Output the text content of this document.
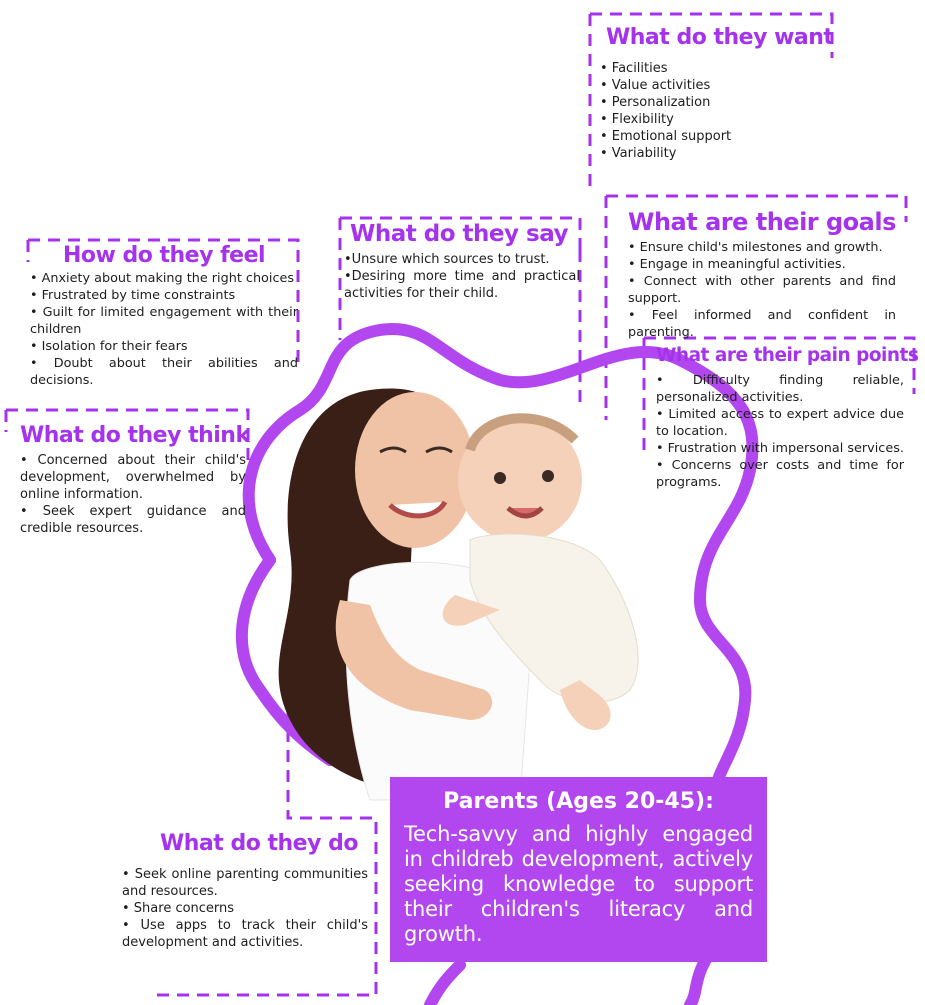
What do they want
• Facilities
• Value activities
• Personalization
• Flexibility
• Emotional support
• Variability
What are their goals
• Ensure child's milestones and growth.
• Engage in meaningful activities.
• Connect with other parents and find support.
• Feel informed and confident in parenting.
What are their pain points
• Difficulty finding reliable, personalized activities.
• Limited access to expert advice due to location.
• Frustration with impersonal services.
• Concerns over costs and time for programs.
What do they say
•Unsure which sources to trust.
•Desiring more time and practical activities for their child.
How do they feel
• Anxiety about making the right choices
• Frustrated by time constraints
• Guilt for limited engagement with their children
• Isolation for their fears
• Doubt about their abilities and decisions.
What do they think
• Concerned about their child's development, overwhelmed by online information.
• Seek expert guidance and credible resources.
What do they do
• Seek online parenting communities and resources.
• Share concerns
• Use apps to track their child's development and activities.
Parents (Ages 20-45):
Tech-savvy and highly engaged in childreb development, actively seeking knowledge to support their children's literacy and growth.
